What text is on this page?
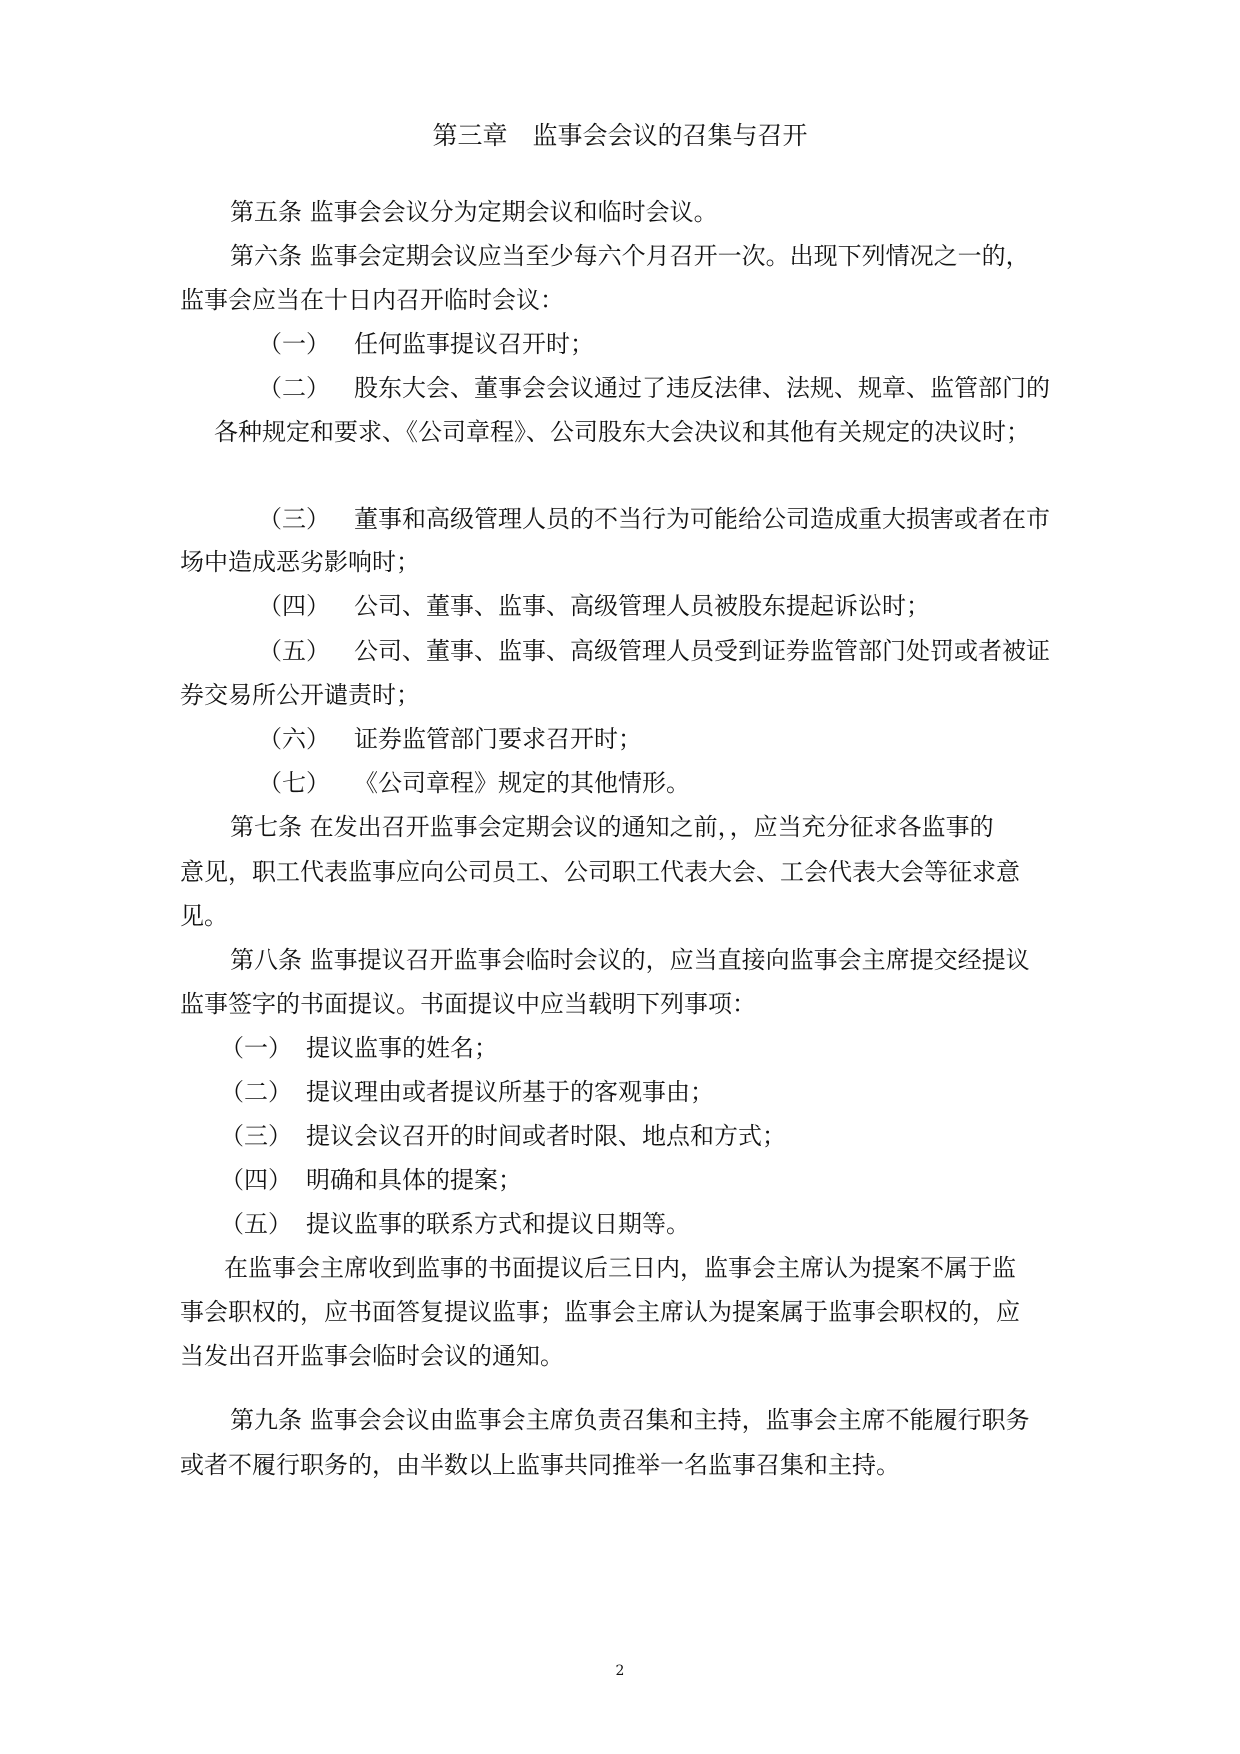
第三章　监事会会议的召集与召开
第五条 监事会会议分为定期会议和临时会议。
第六条 监事会定期会议应当至少每六个月召开一次。出现下列情况之一的，
监事会应当在十日内召开临时会议：
（一） 任何监事提议召开时；
（二） 股东大会、董事会会议通过了违反法律、法规、规章、监管部门的
各种规定和要求、《公司章程》、公司股东大会决议和其他有关规定的决议时；
（三） 董事和高级管理人员的不当行为可能给公司造成重大损害或者在市
场中造成恶劣影响时；
（四） 公司、董事、监事、高级管理人员被股东提起诉讼时；
（五） 公司、董事、监事、高级管理人员受到证券监管部门处罚或者被证
券交易所公开谴责时；
（六） 证券监管部门要求召开时；
（七） 《公司章程》规定的其他情形。
第七条 在发出召开监事会定期会议的通知之前，，应当充分征求各监事的
意见，职工代表监事应向公司员工、公司职工代表大会、工会代表大会等征求意
见。
第八条 监事提议召开监事会临时会议的，应当直接向监事会主席提交经提议
监事签字的书面提议。书面提议中应当载明下列事项：
（一） 提议监事的姓名；
（二） 提议理由或者提议所基于的客观事由；
（三） 提议会议召开的时间或者时限、地点和方式；
（四） 明确和具体的提案；
（五） 提议监事的联系方式和提议日期等。
在监事会主席收到监事的书面提议后三日内，监事会主席认为提案不属于监
事会职权的，应书面答复提议监事；监事会主席认为提案属于监事会职权的，应
当发出召开监事会临时会议的通知。
第九条 监事会会议由监事会主席负责召集和主持，监事会主席不能履行职务
或者不履行职务的，由半数以上监事共同推举一名监事召集和主持。
2
